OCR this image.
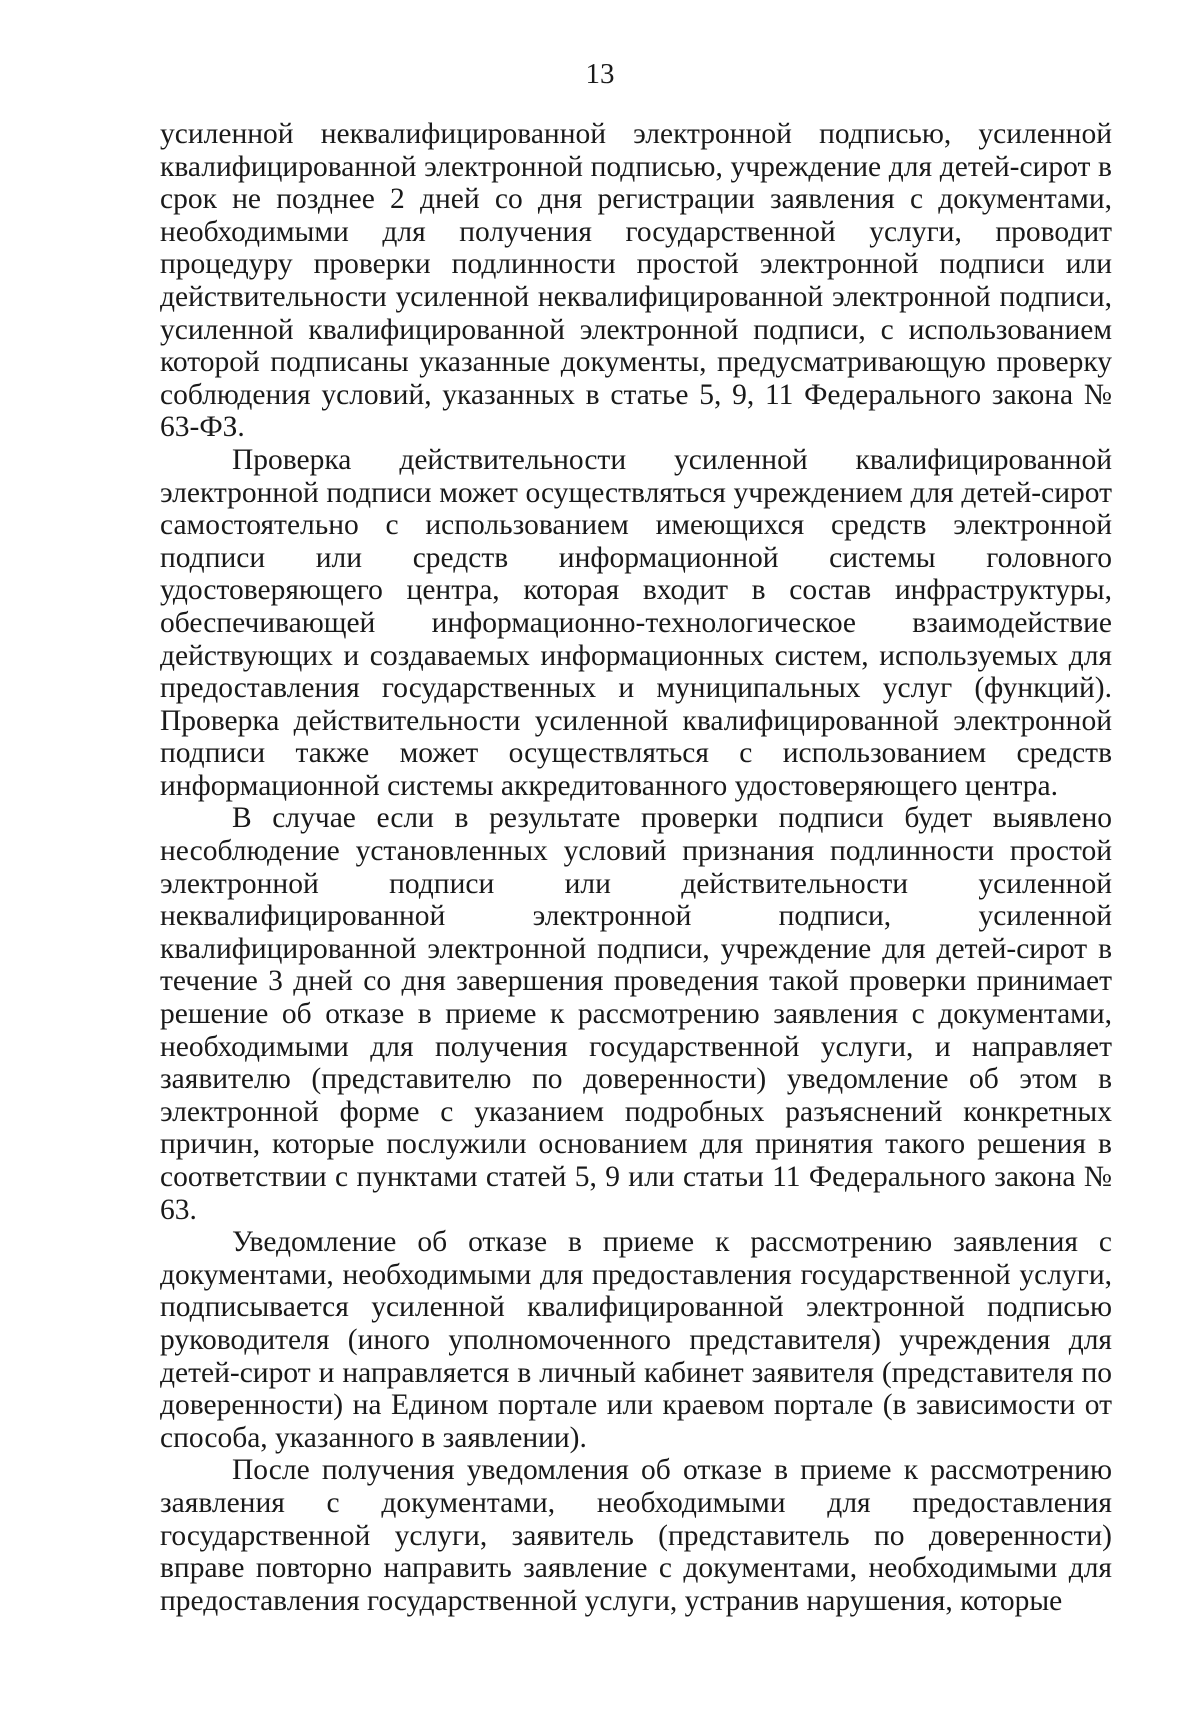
13

усиленной неквалифицированной электронной подписью, усиленной квалифицированной электронной подписью, учреждение для детей-сирот в срок не позднее 2 дней со дня регистрации заявления с документами, необходимыми для получения государственной услуги, проводит процедуру проверки подлинности простой электронной подписи или действительности усиленной неквалифицированной электронной подписи, усиленной квалифицированной электронной подписи, с использованием которой подписаны указанные документы, предусматривающую проверку соблюдения условий, указанных в статье 5, 9, 11 Федерального закона № 63-ФЗ.

Проверка действительности усиленной квалифицированной электронной подписи может осуществляться учреждением для детей-сирот самостоятельно с использованием имеющихся средств электронной подписи или средств информационной системы головного удостоверяющего центра, которая входит в состав инфраструктуры, обеспечивающей информационно-технологическое взаимодействие действующих и создаваемых информационных систем, используемых для предоставления государственных и муниципальных услуг (функций). Проверка действительности усиленной квалифицированной электронной подписи также может осуществляться с использованием средств информационной системы аккредитованного удостоверяющего центра.

В случае если в результате проверки подписи будет выявлено несоблюдение установленных условий признания подлинности простой электронной подписи или действительности усиленной неквалифицированной электронной подписи, усиленной квалифицированной электронной подписи, учреждение для детей-сирот в течение 3 дней со дня завершения проведения такой проверки принимает решение об отказе в приеме к рассмотрению заявления с документами, необходимыми для получения государственной услуги, и направляет заявителю (представителю по доверенности) уведомление об этом в электронной форме с указанием подробных разъяснений конкретных причин, которые послужили основанием для принятия такого решения в соответствии с пунктами статей 5, 9 или статьи 11 Федерального закона № 63.

Уведомление об отказе в приеме к рассмотрению заявления с документами, необходимыми для предоставления государственной услуги, подписывается усиленной квалифицированной электронной подписью руководителя (иного уполномоченного представителя) учреждения для детей-сирот и направляется в личный кабинет заявителя (представителя по доверенности) на Едином портале или краевом портале (в зависимости от способа, указанного в заявлении).

После получения уведомления об отказе в приеме к рассмотрению заявления с документами, необходимыми для предоставления государственной услуги, заявитель (представитель по доверенности) вправе повторно направить заявление с документами, необходимыми для предоставления государственной услуги, устранив нарушения, которые
